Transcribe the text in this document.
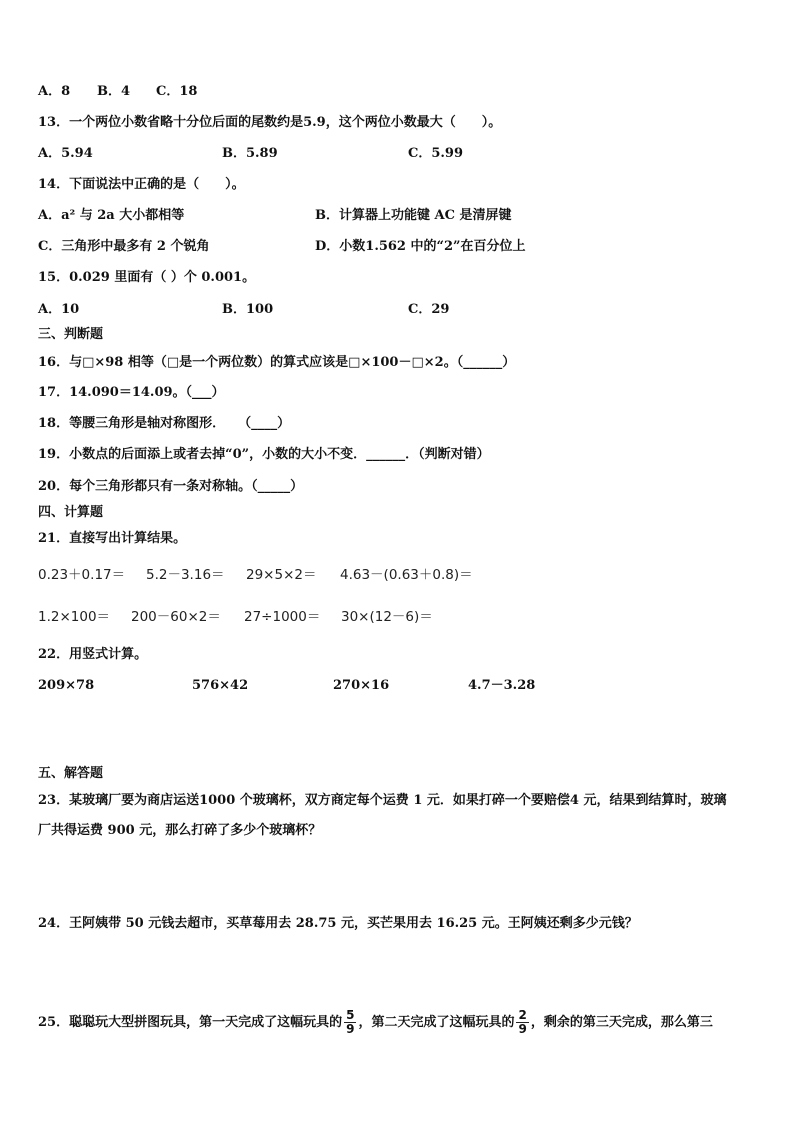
A．8 B．4 C．18
13．一个两位小数省略十分位后面的尾数约是5.9，这个两位小数最大（　　）。
A．5.94	B．5.89	C．5.99
14．下面说法中正确的是（　　）。
A．a² 与 2a 大小都相等	B．计算器上功能键 AC 是清屏键
C．三角形中最多有 2 个锐角	D．小数1.562 中的“2”在百分位上
15．0.029 里面有（ ）个 0.001。
A．10	B．100	C．29
三、判断题
16．与□×98 相等（□是一个两位数）的算式应该是□×100－□×2。（______）
17．14.090＝14.09。（___）
18．等腰三角形是轴对称图形．　　（____）
19．小数点的后面添上或者去掉“0”，小数的大小不变．______．（判断对错）
20．每个三角形都只有一条对称轴。（_____）
四、计算题
21．直接写出计算结果。
0.23＋0.17＝ 5.2－3.16＝ 29×5×2＝ 4.63－(0.63＋0.8)＝
1.2×100＝ 200－60×2＝ 27÷1000＝ 30×(12－6)＝
22．用竖式计算。
209×78	576×42	270×16	4.7－3.28
五、解答题
23．某玻璃厂要为商店运送1000 个玻璃杯，双方商定每个运费 1 元．如果打碎一个要赔偿4 元，结果到结算时，玻璃
厂共得运费 900 元，那么打碎了多少个玻璃杯？
24．王阿姨带 50 元钱去超市，买草莓用去 28.75 元，买芒果用去 16.25 元。王阿姨还剩多少元钱？
25．聪聪玩大型拼图玩具，第一天完成了这幅玩具的 $\frac{5}{9}$ ，第二天完成了这幅玩具的 $\frac{2}{9}$ ，剩余的第三天完成，那么第三
